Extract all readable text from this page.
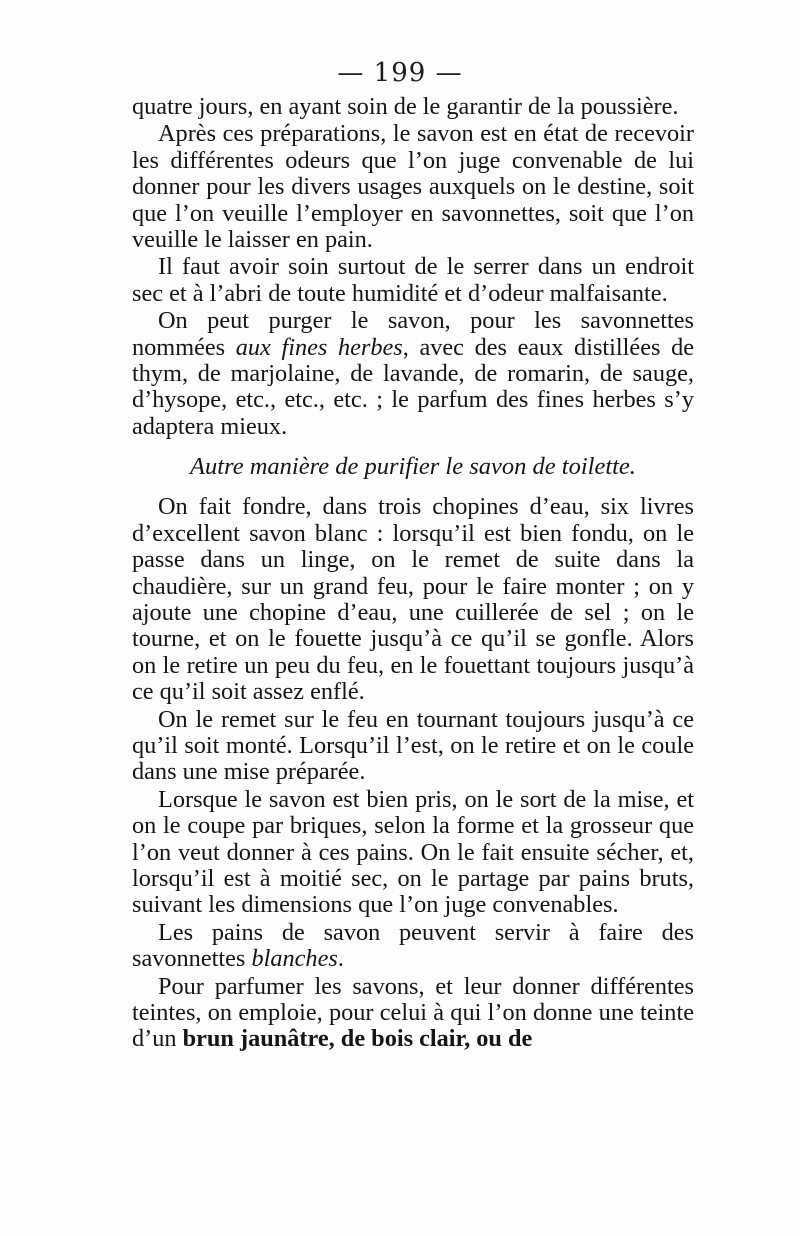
— 199 —

quatre jours, en ayant soin de le garantir de la poussière.

Après ces préparations, le savon est en état de recevoir les différentes odeurs que l’on juge convenable de lui donner pour les divers usages auxquels on le destine, soit que l’on veuille l’employer en savonnettes, soit que l’on veuille le laisser en pain.

Il faut avoir soin surtout de le serrer dans un endroit sec et à l’abri de toute humidité et d’odeur malfaisante.

On peut purger le savon, pour les savonnettes nommées aux fines herbes, avec des eaux distillées de thym, de marjolaine, de lavande, de romarin, de sauge, d’hysope, etc., etc., etc. ; le parfum des fines herbes s’y adaptera mieux.

Autre manière de purifier le savon de toilette.

On fait fondre, dans trois chopines d’eau, six livres d’excellent savon blanc : lorsqu’il est bien fondu, on le passe dans un linge, on le remet de suite dans la chaudière, sur un grand feu, pour le faire monter ; on y ajoute une chopine d’eau, une cuillerée de sel ; on le tourne, et on le fouette jusqu’à ce qu’il se gonfle. Alors on le retire un peu du feu, en le fouettant toujours jusqu’à ce qu’il soit assez enflé.

On le remet sur le feu en tournant toujours jusqu’à ce qu’il soit monté. Lorsqu’il l’est, on le retire et on le coule dans une mise préparée.

Lorsque le savon est bien pris, on le sort de la mise, et on le coupe par briques, selon la forme et la grosseur que l’on veut donner à ces pains. On le fait ensuite sécher, et, lorsqu’il est à moitié sec, on le partage par pains bruts, suivant les dimensions que l’on juge convenables.

Les pains de savon peuvent servir à faire des savonnettes blanches.

Pour parfumer les savons, et leur donner différentes teintes, on emploie, pour celui à qui l’on donne une teinte d’un brun jaunâtre, de bois clair, ou de
